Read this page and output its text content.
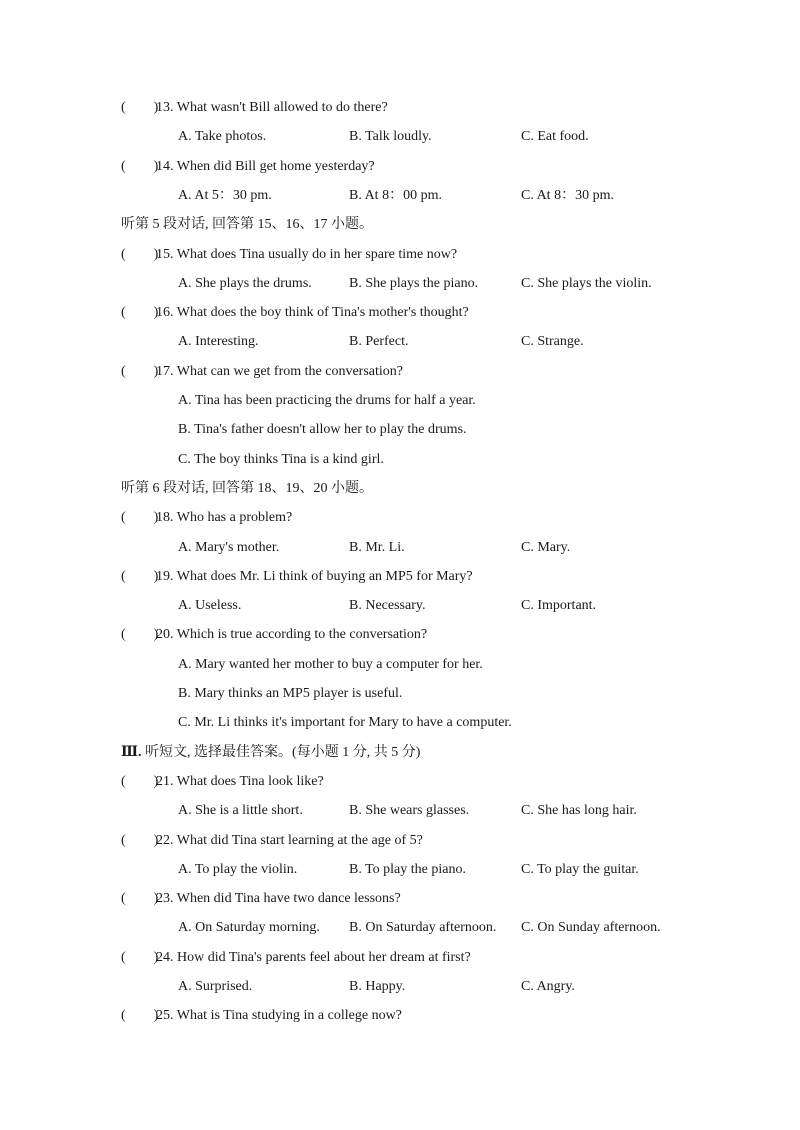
(　　)
13. What wasn't Bill allowed to do there?
A. Take photos.	B. Talk loudly.	C. Eat food.
(　　)
14. When did Bill get home yesterday?
A. At 5：30 pm.	B. At 8：00 pm.	C. At 8：30 pm.
听第 5 段对话, 回答第 15、16、17 小题。
(　　)
15. What does Tina usually do in her spare time now?
A. She plays the drums.	B. She plays the piano.	C. She plays the violin.
(　　)
16. What does the boy think of Tina's mother's thought?
A. Interesting.	B. Perfect.	C. Strange.
(　　)
17. What can we get from the conversation?
A. Tina has been practicing the drums for half a year.
B. Tina's father doesn't allow her to play the drums.
C. The boy thinks Tina is a kind girl.
听第 6 段对话, 回答第 18、19、20 小题。
(　　)
18. Who has a problem?
A. Mary's mother.	B. Mr. Li.	C. Mary.
(　　)
19. What does Mr. Li think of buying an MP5 for Mary?
A. Useless.	B. Necessary.	C. Important.
(　　)
20. Which is true according to the conversation?
A. Mary wanted her mother to buy a computer for her.
B. Mary thinks an MP5 player is useful.
C. Mr. Li thinks it's important for Mary to have a computer.
Ⅲ. 听短文, 选择最佳答案。(每小题 1 分, 共 5 分)
(　　)
21. What does Tina look like?
A. She is a little short.	B. She wears glasses.	C. She has long hair.
(　　)
22. What did Tina start learning at the age of 5?
A. To play the violin.	B. To play the piano.	C. To play the guitar.
(　　)
23. When did Tina have two dance lessons?
A. On Saturday morning. B. On Saturday afternoon. C. On Sunday afternoon.
(　　)
24. How did Tina's parents feel about her dream at first?
A. Surprised.	B. Happy.	C. Angry.
(　　)
25. What is Tina studying in a college now?
